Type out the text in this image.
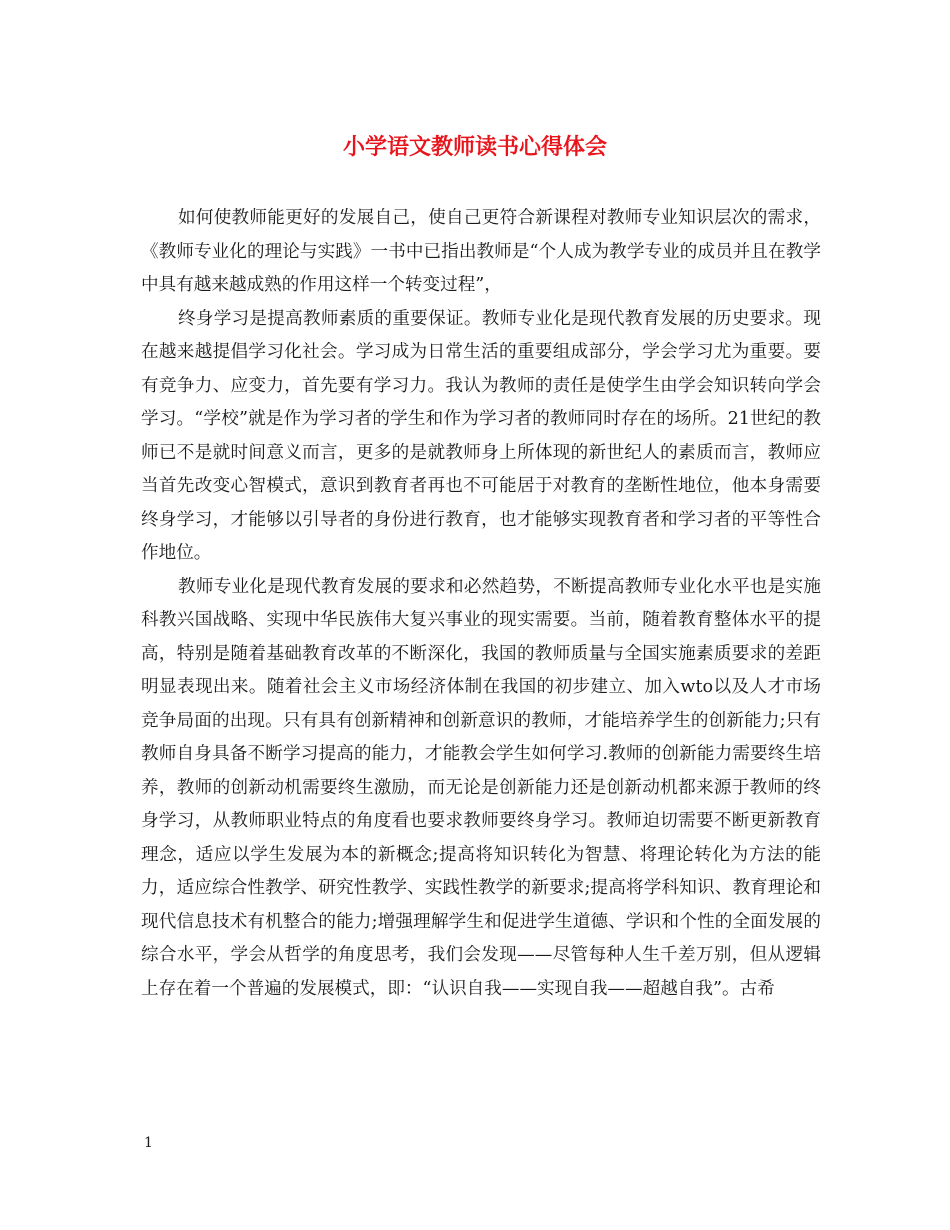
小学语文教师读书心得体会

如何使教师能更好的发展自己，使自己更符合新课程对教师专业知识层次的需求，《教师专业化的理论与实践》一书中已指出教师是“个人成为教学专业的成员并且在教学中具有越来越成熟的作用这样一个转变过程”，

终身学习是提高教师素质的重要保证。教师专业化是现代教育发展的历史要求。现在越来越提倡学习化社会。学习成为日常生活的重要组成部分，学会学习尤为重要。要有竞争力、应变力，首先要有学习力。我认为教师的责任是使学生由学会知识转向学会学习。“学校”就是作为学习者的学生和作为学习者的教师同时存在的场所。21世纪的教师已不是就时间意义而言，更多的是就教师身上所体现的新世纪人的素质而言，教师应当首先改变心智模式，意识到教育者再也不可能居于对教育的垄断性地位，他本身需要终身学习，才能够以引导者的身份进行教育，也才能够实现教育者和学习者的平等性合作地位。

教师专业化是现代教育发展的要求和必然趋势，不断提高教师专业化水平也是实施科教兴国战略、实现中华民族伟大复兴事业的现实需要。当前，随着教育整体水平的提高，特别是随着基础教育改革的不断深化，我国的教师质量与全国实施素质要求的差距明显表现出来。随着社会主义市场经济体制在我国的初步建立、加入wto以及人才市场竞争局面的出现。只有具有创新精神和创新意识的教师，才能培养学生的创新能力;只有教师自身具备不断学习提高的能力，才能教会学生如何学习.教师的创新能力需要终生培养，教师的创新动机需要终生激励，而无论是创新能力还是创新动机都来源于教师的终身学习，从教师职业特点的角度看也要求教师要终身学习。教师迫切需要不断更新教育理念，适应以学生发展为本的新概念;提高将知识转化为智慧、将理论转化为方法的能力，适应综合性教学、研究性教学、实践性教学的新要求;提高将学科知识、教育理论和现代信息技术有机整合的能力;增强理解学生和促进学生道德、学识和个性的全面发展的综合水平，学会从哲学的角度思考，我们会发现——尽管每种人生千差万别，但从逻辑上存在着一个普遍的发展模式，即：“认识自我——实现自我——超越自我”。古希

1
